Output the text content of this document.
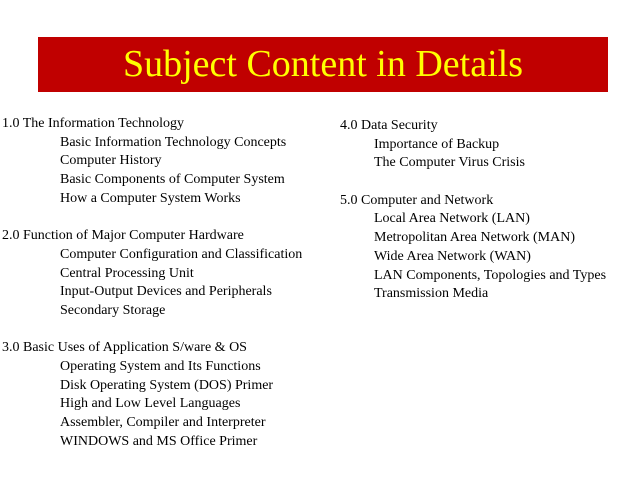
Subject Content in Details
1.0 The Information Technology
Basic Information Technology Concepts
Computer History
Basic Components of Computer System
How a Computer System Works
2.0 Function of Major Computer Hardware
Computer Configuration and Classification
Central Processing Unit
Input-Output Devices and Peripherals
Secondary Storage
3.0 Basic Uses of Application S/ware & OS
Operating System and Its Functions
Disk Operating System (DOS) Primer
High and Low Level Languages
Assembler, Compiler and Interpreter
WINDOWS and MS Office Primer
4.0 Data Security
Importance of Backup
The Computer Virus Crisis
5.0 Computer and Network
Local Area Network (LAN)
Metropolitan Area Network (MAN)
Wide Area Network (WAN)
LAN Components, Topologies and Types
Transmission Media
